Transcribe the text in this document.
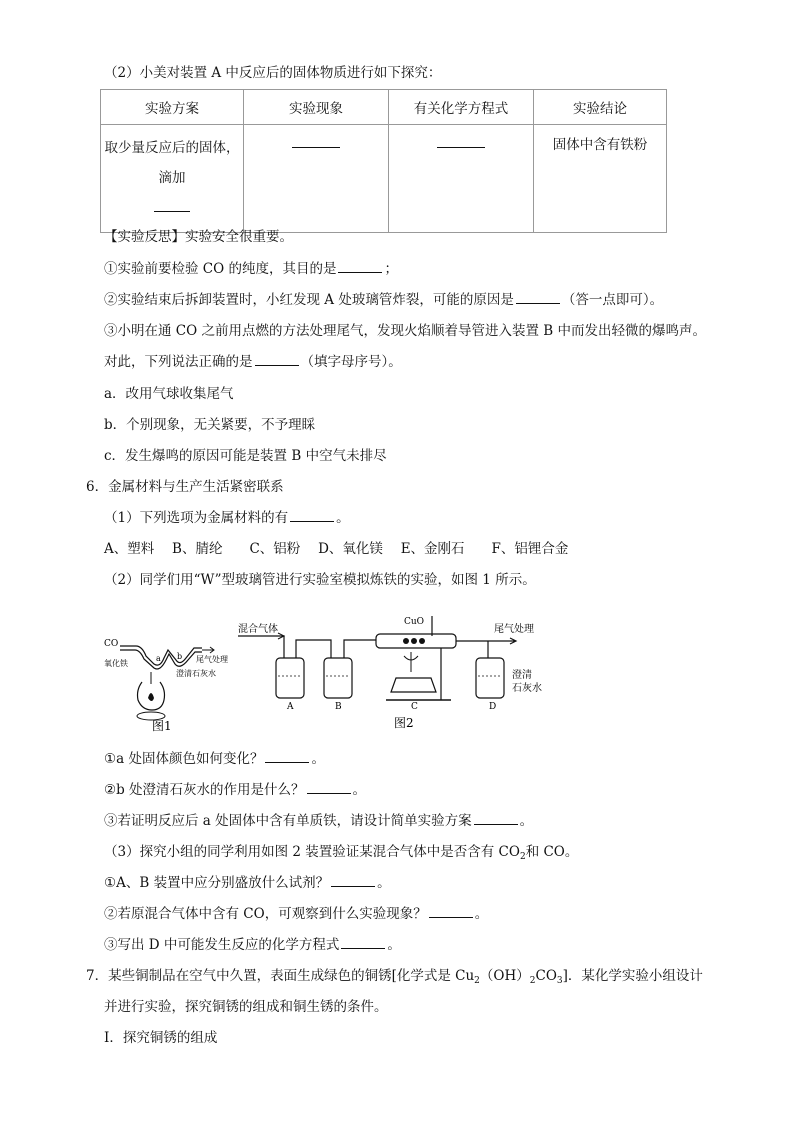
（2）小美对装置 A 中反应后的固体物质进行如下探究：
实验方案	实验现象	有关化学方程式	实验结论

取少量反应后的固体，
滴加			固体中含有铁粉
【实验反思】实验安全很重要。
①实验前要检验 CO 的纯度，其目的是	；
②实验结束后拆卸装置时，小红发现 A 处玻璃管炸裂，可能的原因是	（答一点即可）。
③小明在通 CO 之前用点燃的方法处理尾气，发现火焰顺着导管进入装置 B 中而发出轻微的爆鸣声。
对此，下列说法正确的是	（填字母序号）。
a．改用气球收集尾气
b．个别现象，无关紧要，不予理睬
c．发生爆鸣的原因可能是装置 B 中空气未排尽
6．金属材料与生产生活紧密联系
（1）下列选项为金属材料的有	。
A、塑料　 B、腈纶　　C、铝粉　 D、氧化镁　 E、金刚石　　F、铝锂合金
（2）同学们用“W”型玻璃管进行实验室模拟炼铁的实验，如图 1 所示。
CO
氧化铁
a b 尾气处理
澄清石灰水
图1
混合气体
CuO
尾气处理
澄清
石灰水
A	B	C	D
图2
①a 处固体颜色如何变化？	。
②b 处澄清石灰水的作用是什么？	。
③若证明反应后 a 处固体中含有单质铁，请设计简单实验方案	。
（3）探究小组的同学利用如图 2 装置验证某混合气体中是否含有 $CO_2$和 CO。
①A、B 装置中应分别盛放什么试剂？	。
②若原混合气体中含有 CO，可观察到什么实验现象？	。
③写出 D 中可能发生反应的化学方程式	。
7．某些铜制品在空气中久置，表面生成绿色的铜锈[化学式是 $Cu_2(OH)_2CO_3$]．某化学实验小组设计
并进行实验，探究铜锈的组成和铜生锈的条件。
I．探究铜锈的组成
